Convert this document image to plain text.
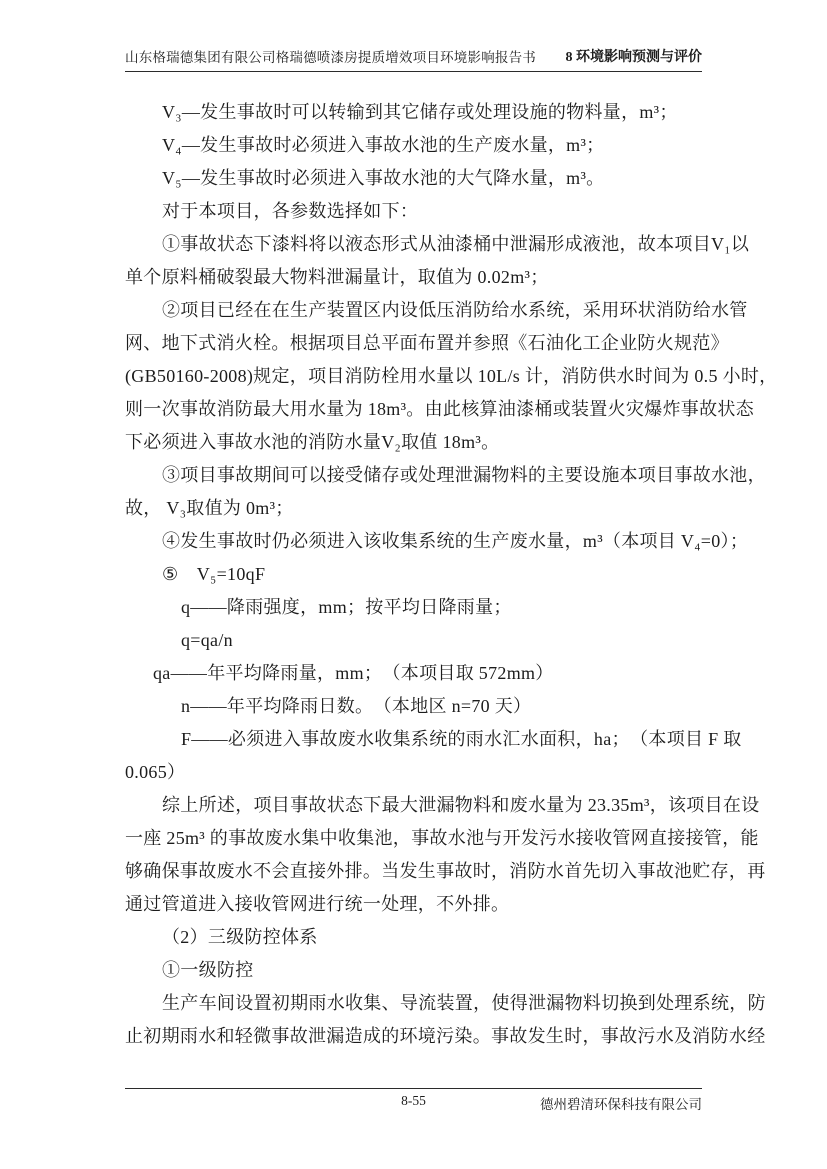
山东格瑞德集团有限公司格瑞德喷漆房提质增效项目环境影响报告书 8 环境影响预测与评价
V₃—发生事故时可以转输到其它储存或处理设施的物料量，m³；
V₄—发生事故时必须进入事故水池的生产废水量，m³；
V₅—发生事故时必须进入事故水池的大气降水量，m³。
对于本项目，各参数选择如下：
①事故状态下漆料将以液态形式从油漆桶中泄漏形成液池，故本项目V₁以
单个原料桶破裂最大物料泄漏量计，取值为 0.02m³；
②项目已经在在生产装置区内设低压消防给水系统，采用环状消防给水管
网、地下式消火栓。根据项目总平面布置并参照《石油化工企业防火规范》
(GB50160-2008)规定，项目消防栓用水量以 10L/s 计，消防供水时间为 0.5 小时，
则一次事故消防最大用水量为 18m³。由此核算油漆桶或装置火灾爆炸事故状态
下必须进入事故水池的消防水量V₂取值 18m³。
③项目事故期间可以接受储存或处理泄漏物料的主要设施本项目事故水池，
故， V₃取值为 0m³；
④发生事故时仍必须进入该收集系统的生产废水量，m³（本项目 V₄=0）；
⑤　V₅=10qF
q——降雨强度，mm；按平均日降雨量；
q=qa/n
qa——年平均降雨量，mm；　（本项目取 572mm）
n——年平均降雨日数。　（本地区 n=70 天）
F——必须进入事故废水收集系统的雨水汇水面积，ha；　（本项目 F 取
0.065）
综上所述，项目事故状态下最大泄漏物料和废水量为 23.35m³，该项目在设
一座 25m³ 的事故废水集中收集池，事故水池与开发污水接收管网直接接管，能
够确保事故废水不会直接外排。当发生事故时，消防水首先切入事故池贮存，再
通过管道进入接收管网进行统一处理，不外排。
（2）三级防控体系
①一级防控
生产车间设置初期雨水收集、导流装置，使得泄漏物料切换到处理系统，防
止初期雨水和轻微事故泄漏造成的环境污染。事故发生时，事故污水及消防水经
8-55	德州碧清环保科技有限公司
